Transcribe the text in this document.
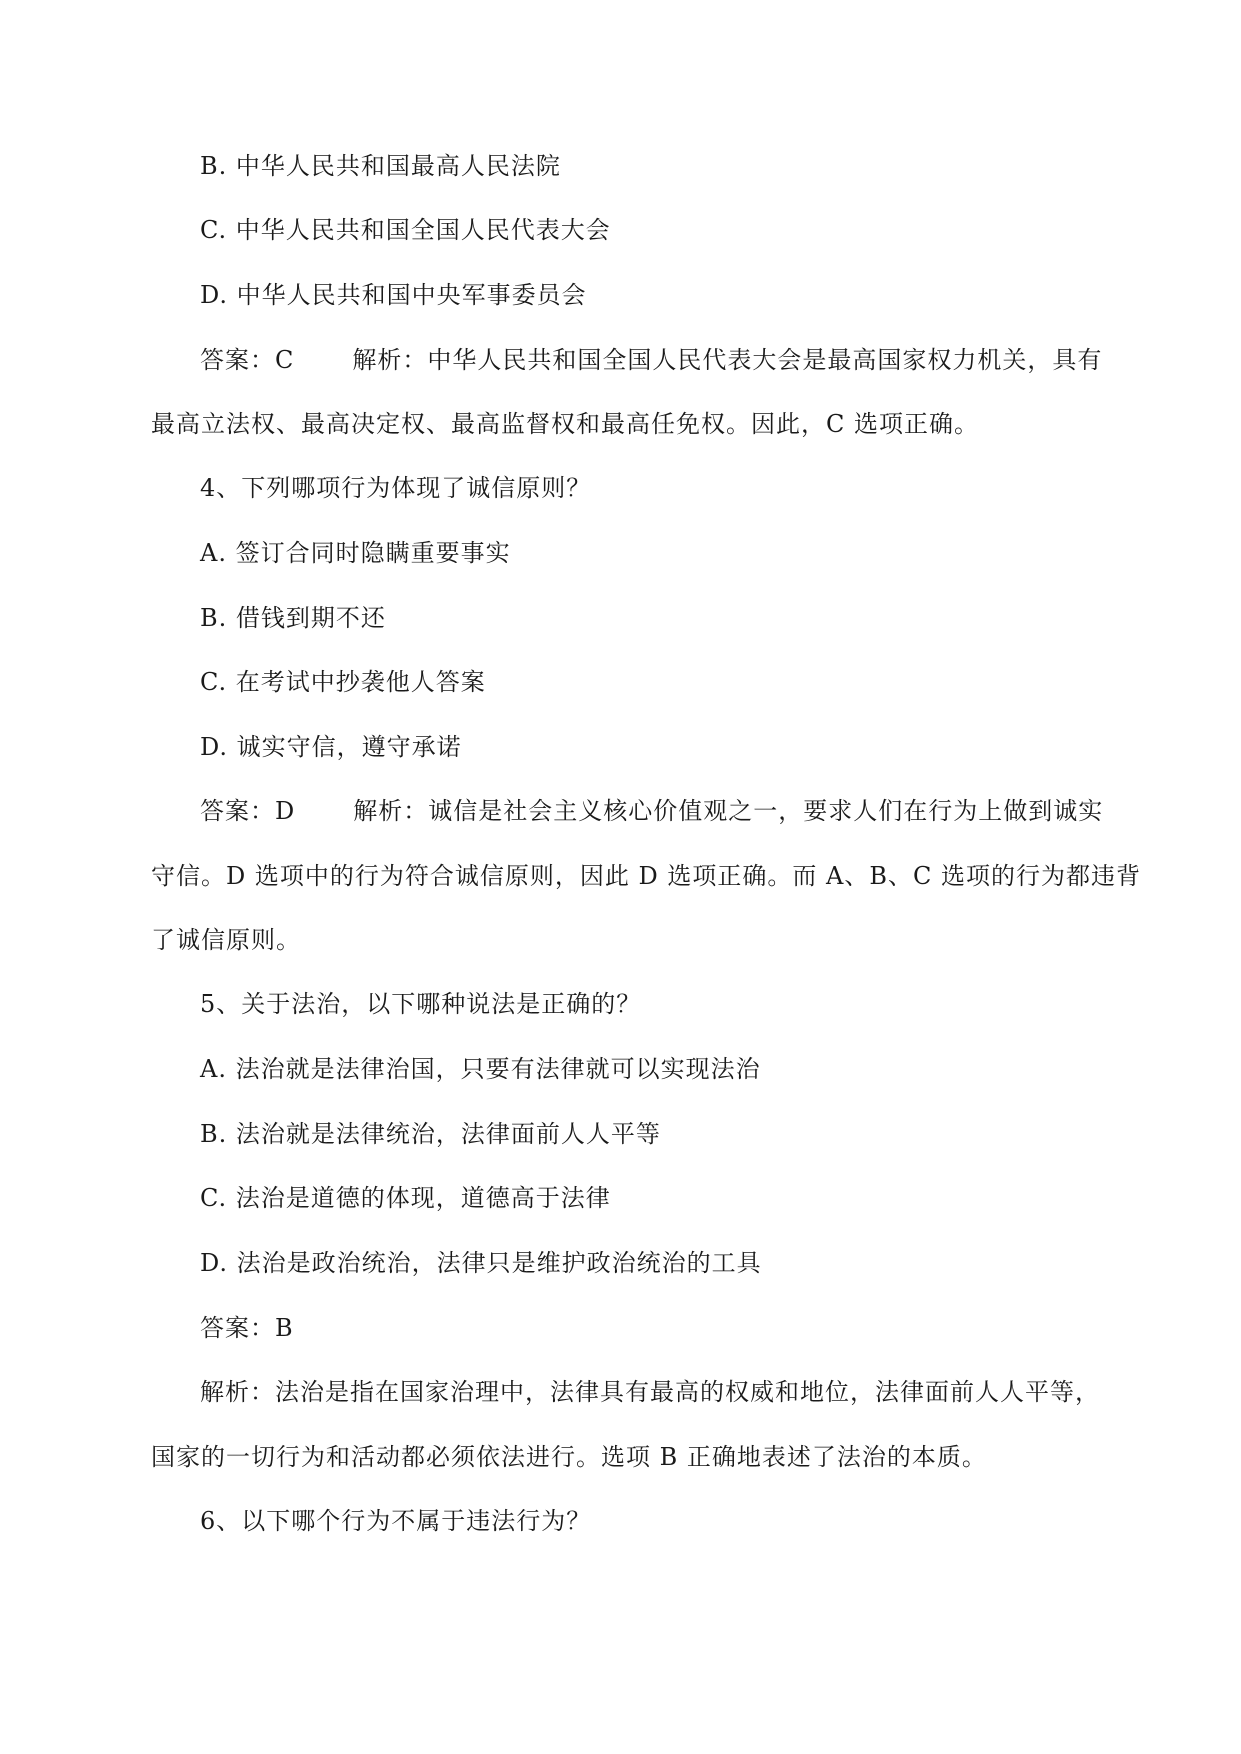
B. 中华人民共和国最高人民法院
C. 中华人民共和国全国人民代表大会
D. 中华人民共和国中央军事委员会
答案：C 解析：中华人民共和国全国人民代表大会是最高国家权力机关，具有
最高立法权、最高决定权、最高监督权和最高任免权。因此，C 选项正确。
4、下列哪项行为体现了诚信原则？
A. 签订合同时隐瞒重要事实
B. 借钱到期不还
C. 在考试中抄袭他人答案
D. 诚实守信，遵守承诺
答案：D 解析：诚信是社会主义核心价值观之一，要求人们在行为上做到诚实
守信。D 选项中的行为符合诚信原则，因此 D 选项正确。而 A、B、C 选项的行为都违背
了诚信原则。
5、关于法治，以下哪种说法是正确的？
A. 法治就是法律治国，只要有法律就可以实现法治
B. 法治就是法律统治，法律面前人人平等
C. 法治是道德的体现，道德高于法律
D. 法治是政治统治，法律只是维护政治统治的工具
答案：B
解析：法治是指在国家治理中，法律具有最高的权威和地位，法律面前人人平等，
国家的一切行为和活动都必须依法进行。选项 B 正确地表述了法治的本质。
6、以下哪个行为不属于违法行为？
